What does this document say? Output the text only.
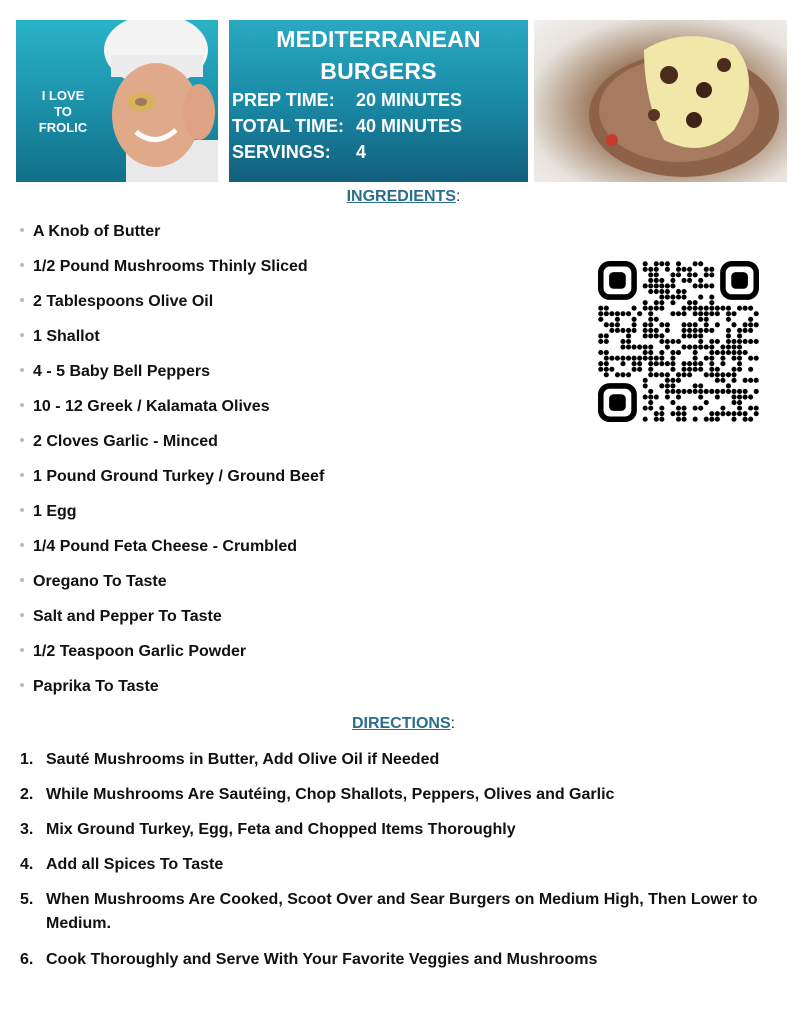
I LOVE
TO
FROLIC
MEDITERRANEAN
BURGERS
PREP TIME: 20 MINUTES
TOTAL TIME: 40 MINUTES
SERVINGS: 4
INGREDIENTS:
A Knob of Butter
1/2 Pound Mushrooms Thinly Sliced
2 Tablespoons Olive Oil
1 Shallot
4 - 5 Baby Bell Peppers
10 - 12 Greek / Kalamata Olives
2 Cloves Garlic - Minced
1 Pound Ground Turkey / Ground Beef
1 Egg
1/4 Pound Feta Cheese - Crumbled
Oregano To Taste
Salt and Pepper To Taste
1/2 Teaspoon Garlic Powder
Paprika To Taste
DIRECTIONS:
1. Sauté Mushrooms in Butter, Add Olive Oil if Needed
2. While Mushrooms Are Sautéing, Chop Shallots, Peppers, Olives and Garlic
3. Mix Ground Turkey, Egg, Feta and Chopped Items Thoroughly
4. Add all Spices To Taste
5. When Mushrooms Are Cooked, Scoot Over and Sear Burgers on Medium High, Then Lower to Medium.
6. Cook Thoroughly and Serve With Your Favorite Veggies and Mushrooms
